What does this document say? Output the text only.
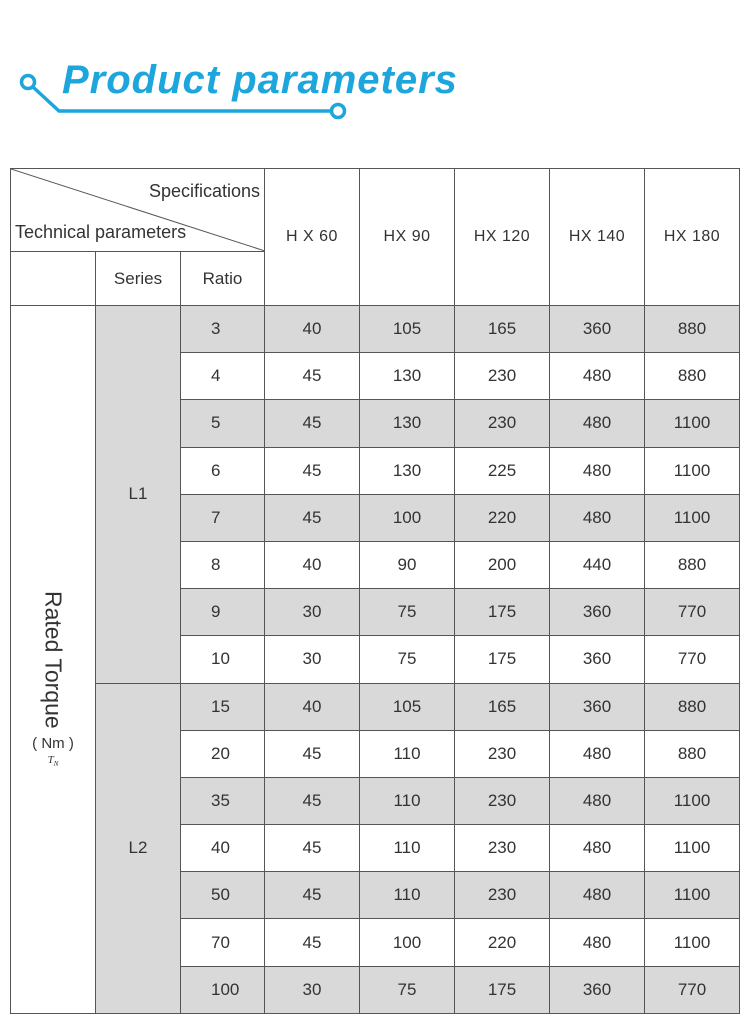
Product parameters
Specifications
Technical parameters			H X 60	HX 90	HX 120	HX 140	HX 180
	Series	Ratio					

Rated Torque
( Nm )
$T_N$	L1	3	40	105	165	360	880
		4	45	130	230	480	880
		5	45	130	230	480	1100
		6	45	130	225	480	1100
		7	45	100	220	480	1100
		8	40	90	200	440	880
		9	30	75	175	360	770
		10	30	75	175	360	770
	L2	15	40	105	165	360	880
		20	45	110	230	480	880
		35	45	110	230	480	1100
		40	45	110	230	480	1100
		50	45	110	230	480	1100
		70	45	100	220	480	1100
		100	30	75	175	360	770
